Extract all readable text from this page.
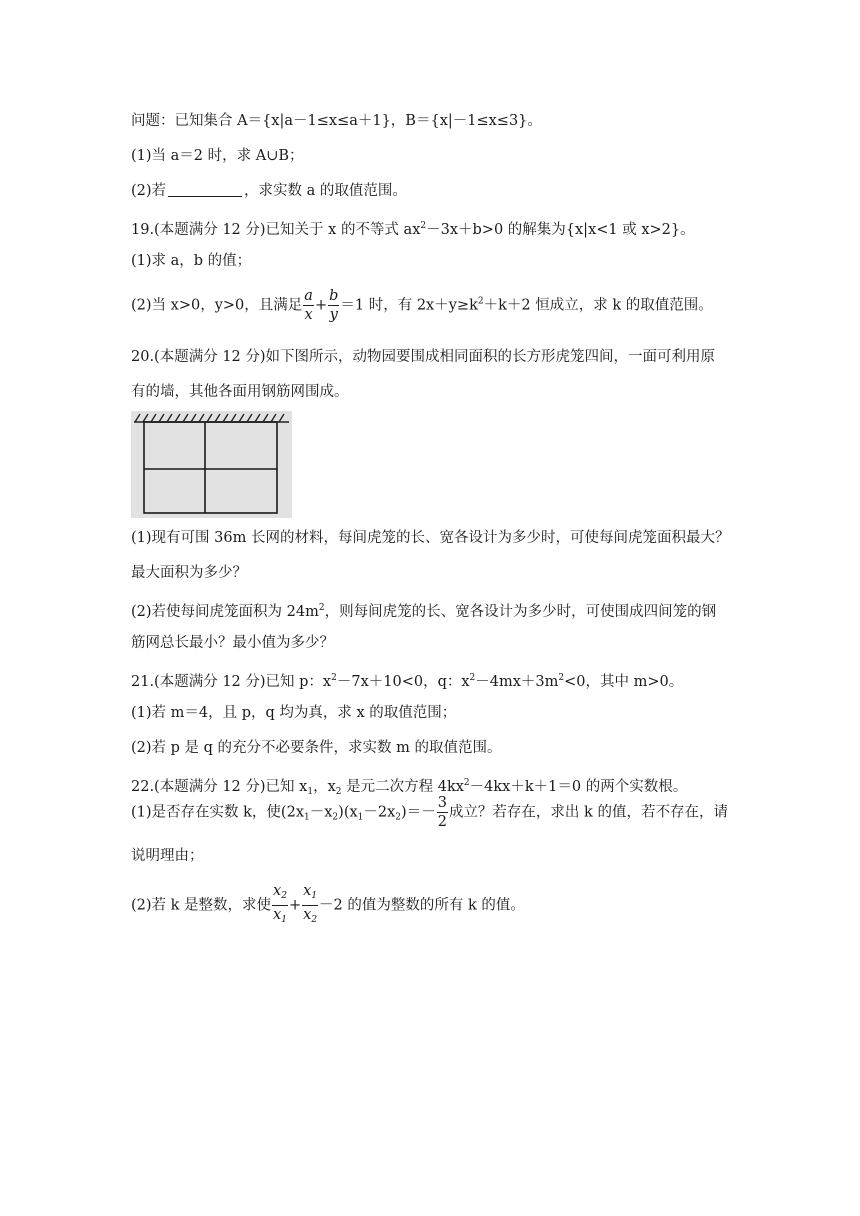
问题：已知集合 A＝{x|a－1≤x≤a＋1}，B＝{x|－1≤x≤3}。
(1)当 a＝2 时，求 A∪B；
(2)若	，求实数 a 的取值范围。
19.(本题满分 12 分)已知关于 x 的不等式 $ax^2-3x+b>0$ 的解集为{x|x<1 或 x>2}。
(1)求 a，b 的值；
(2)当 x>0，y>0，且满足 $\frac{a}{x} + \frac{b}{y} =1$ 时，有 $2x+y\ge k^2+k+2$ 恒成立，求 k 的取值范围。
20.(本题满分 12 分)如下图所示，动物园要围成相同面积的长方形虎笼四间，一面可利用原
有的墙，其他各面用钢筋网围成。
(1)现有可围 36m 长网的材料，每间虎笼的长、宽各设计为多少时，可使每间虎笼面积最大？
最大面积为多少？
(2)若使每间虎笼面积为 $24m^2$，则每间虎笼的长、宽各设计为多少时，可使围成四间笼的钢
筋网总长最小？最小值为多少？
21.(本题满分 12 分)已知 p：$x^2-7x+10<0$，q：$x^2-4mx+3m^2<0$，其中 m>0。
(1)若 m＝4，且 p，q 均为真，求 x 的取值范围；
(2)若 p 是 q 的充分不必要条件，求实数 m 的取值范围。
22.(本题满分 12 分)已知 $x_1$，$x_2$ 是元二次方程 $4kx^2-4kx+k+1=0$ 的两个实数根。
(1)是否存在实数 k，使$(2x_1-x_2)(x_1-2x_2)=- \frac{3}{2}$ 成立？若存在，求出 k 的值，若不存在，请
说明理由；
(2)若 k 是整数，求使 $\frac{x_2}{x_1} + \frac{x_1}{x_2} -2$ 的值为整数的所有 k 的值。
